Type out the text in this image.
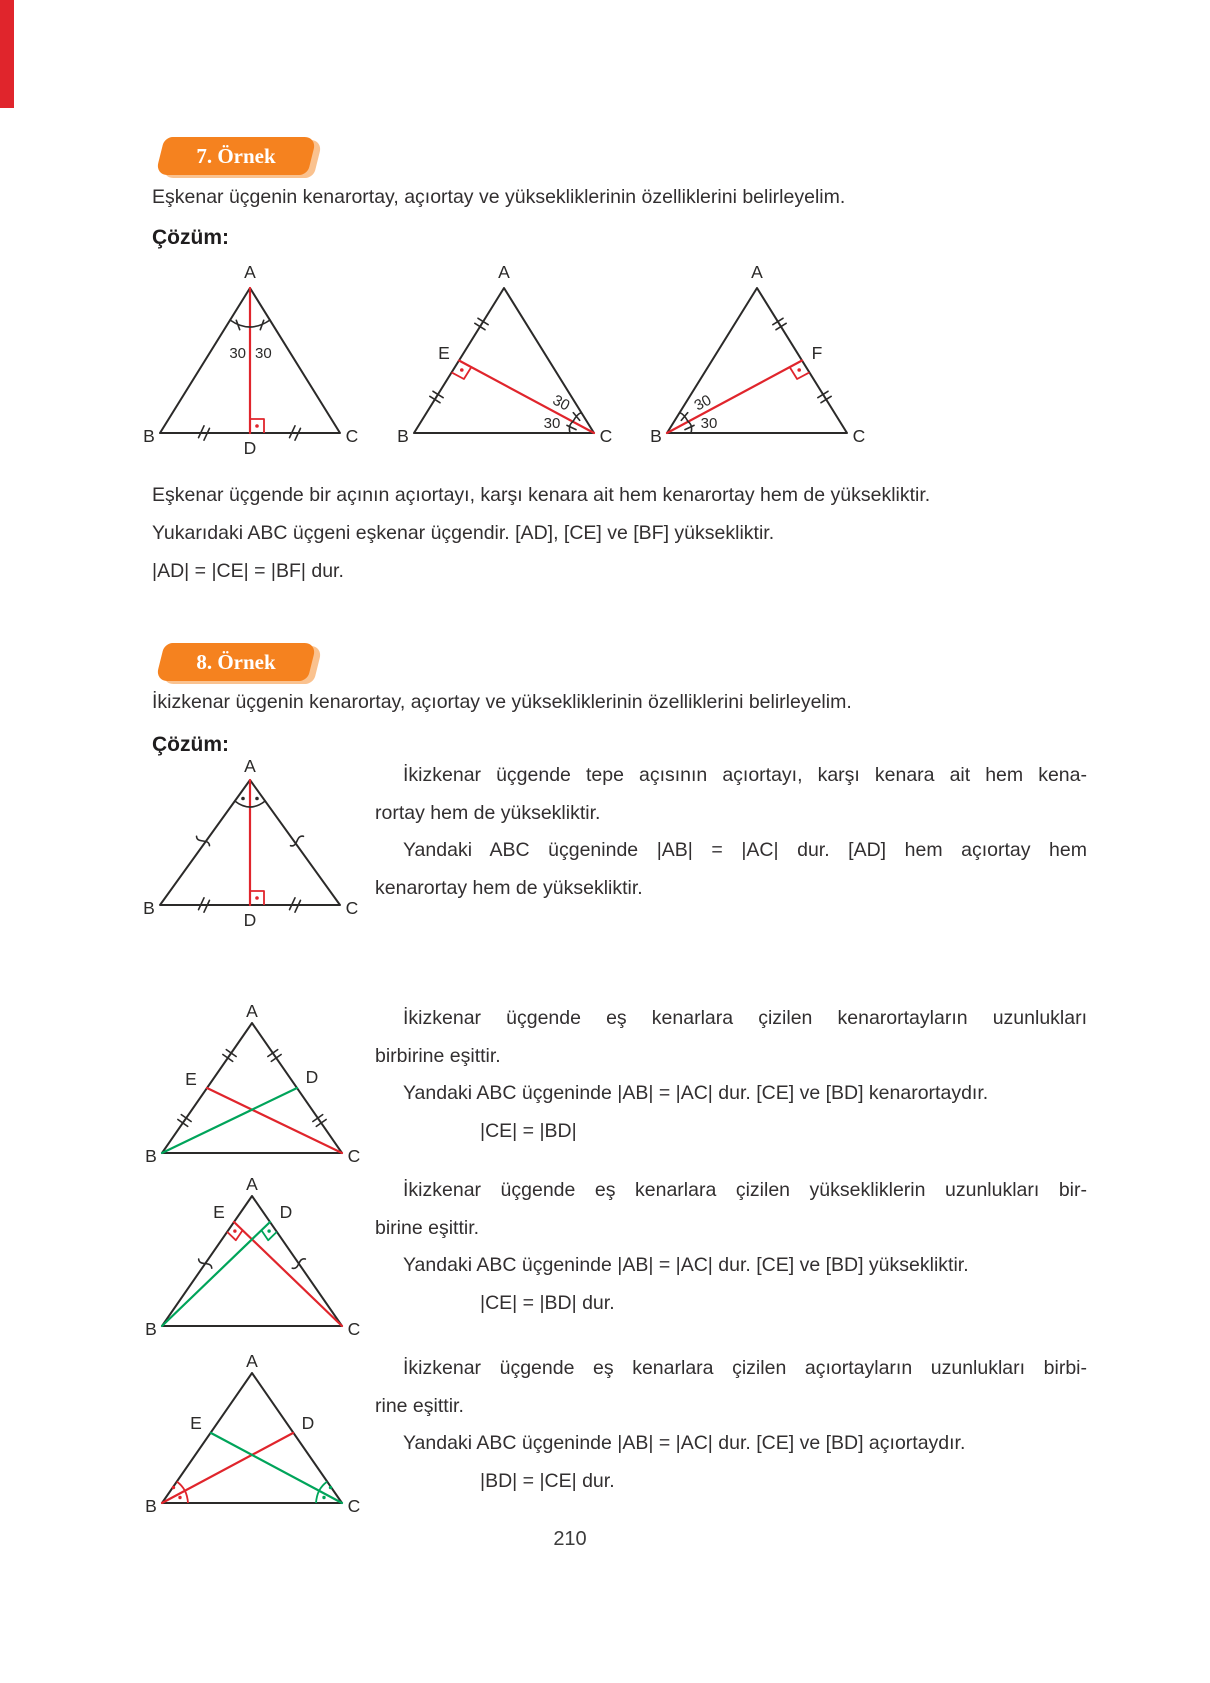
7. Örnek
Eşkenar üçgenin kenarortay, açıortay ve yüksekliklerinin özelliklerini belirleyelim.
Çözüm:
30 30
A
B	C
D
30
30
A
B	C
E
30
30
A
B	C
F
Eşkenar üçgende bir açının açıortayı, karşı kenara ait hem kenarortay hem de yüksekliktir.
Yukarıdaki ABC üçgeni eşkenar üçgendir. [AD], [CE] ve [BF] yüksekliktir.
|AD| = |CE| = |BF| dur.
8. Örnek
İkizkenar üçgenin kenarortay, açıortay ve yüksekliklerinin özelliklerini belirleyelim.
Çözüm:
A
B	C
D
İkizkenar üçgende tepe açısının açıortayı, karşı kenara ait hem kena-
rortay hem de yüksekliktir.
Yandaki ABC üçgeninde |AB| = |AC| dur. [AD] hem açıortay hem
kenarortay hem de yüksekliktir.
A
B	C
E	D
İkizkenar üçgende eş kenarlara çizilen kenarortayların uzunlukları
birbirine eşittir.
Yandaki ABC üçgeninde |AB| = |AC| dur. [CE] ve [BD] kenarortaydır.
|CE| = |BD|
A
B	C
E	D
İkizkenar üçgende eş kenarlara çizilen yüksekliklerin uzunlukları bir-
birine eşittir.
Yandaki ABC üçgeninde |AB| = |AC| dur. [CE] ve [BD] yüksekliktir.
|CE| = |BD| dur.
A
B	C
E	D
İkizkenar üçgende eş kenarlara çizilen açıortayların uzunlukları birbi-
rine eşittir.
Yandaki ABC üçgeninde |AB| = |AC| dur. [CE] ve [BD] açıortaydır.
|BD| = |CE| dur.
210
